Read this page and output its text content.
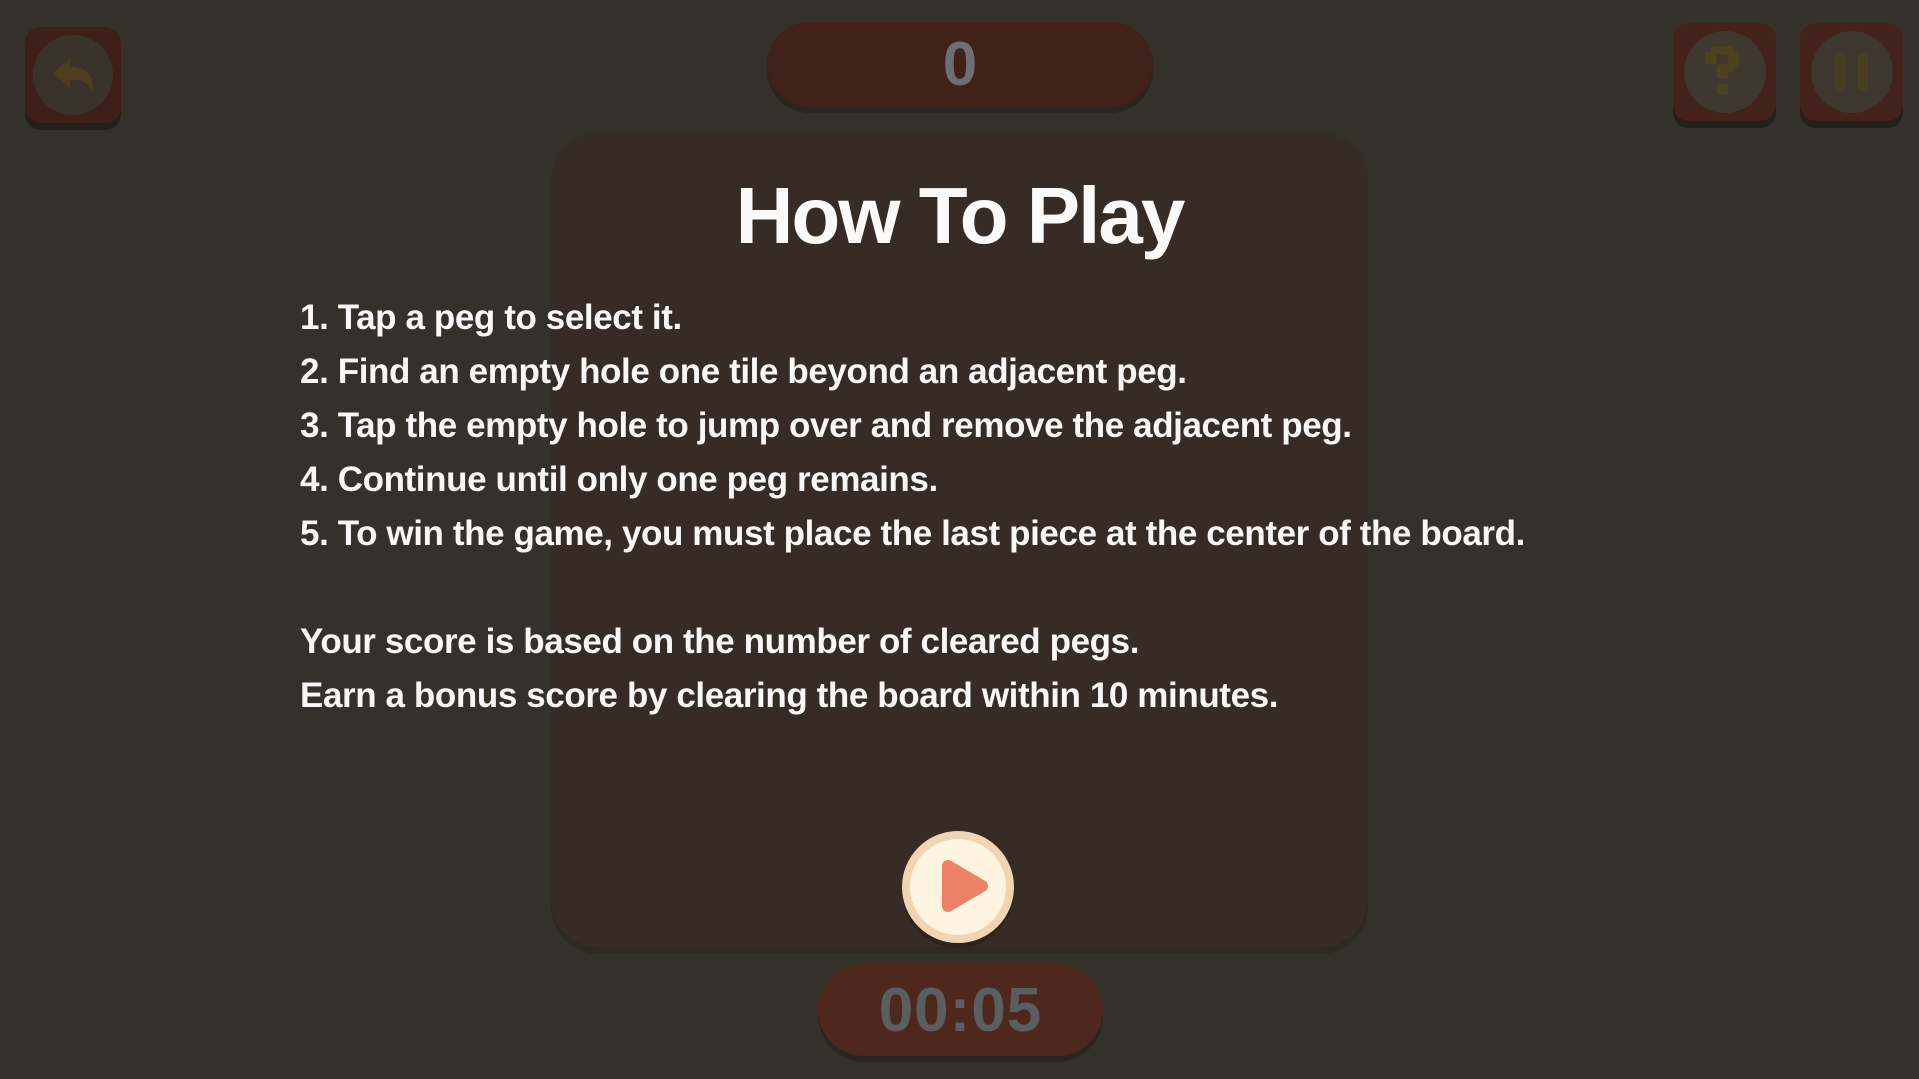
0
How To Play

1. Tap a peg to select it.

2. Find an empty hole one tile beyond an adjacent peg.

3. Tap the empty hole to jump over and remove the adjacent peg.

4. Continue until only one peg remains.

5. To win the game, you must place the last piece at the center of the board.

Your score is based on the number of cleared pegs.

Earn a bonus score by clearing the board within 10 minutes.

00:05
